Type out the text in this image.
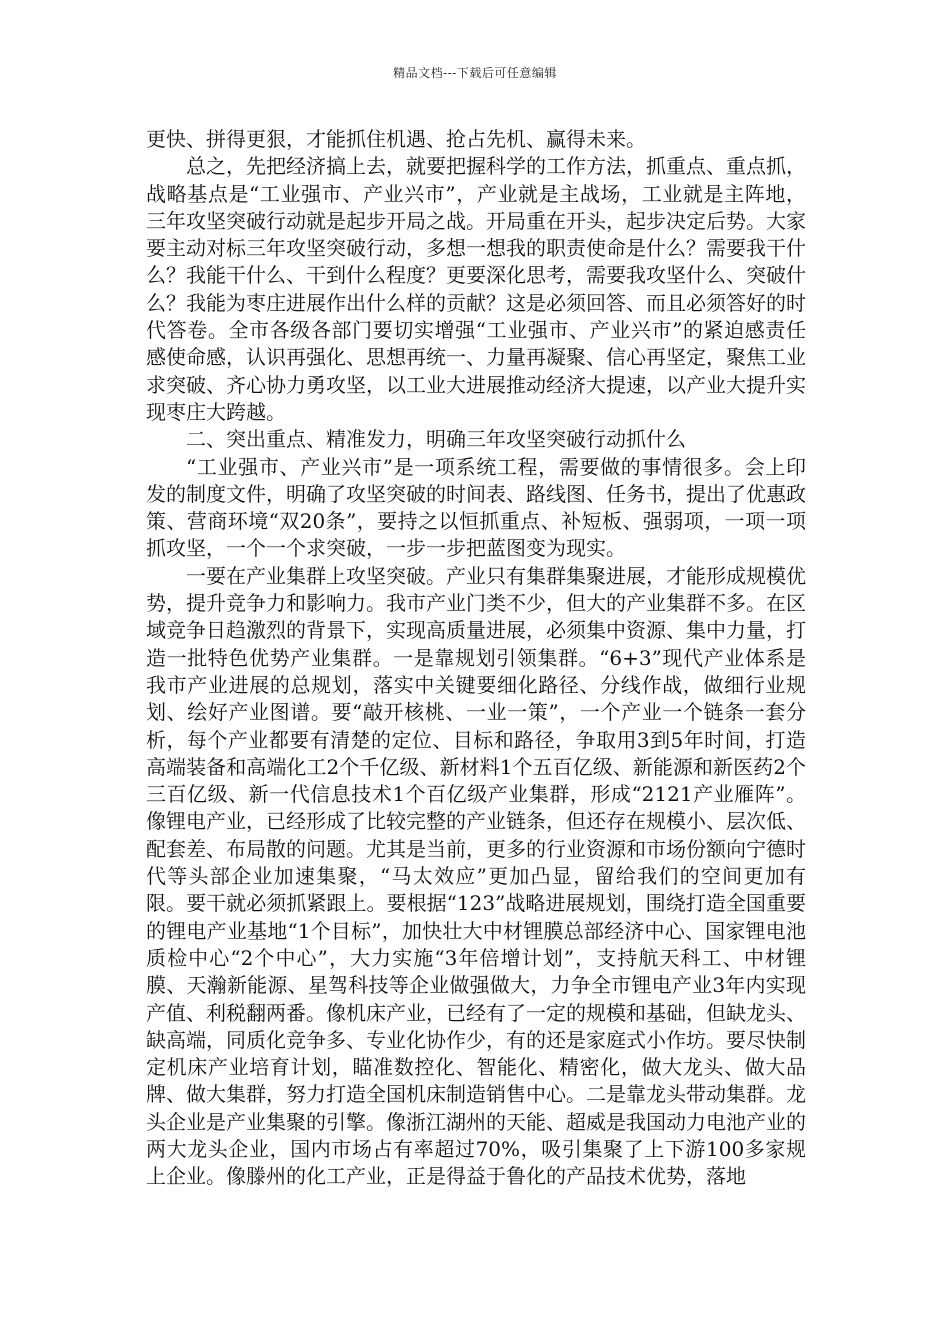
精品文档---下载后可任意编辑

更快、拼得更狠，才能抓住机遇、抢占先机、赢得未来。

总之，先把经济搞上去，就要把握科学的工作方法，抓重点、重点抓，战略基点是“工业强市、产业兴市”，产业就是主战场，工业就是主阵地，三年攻坚突破行动就是起步开局之战。开局重在开头，起步决定后势。大家要主动对标三年攻坚突破行动，多想一想我的职责使命是什么？需要我干什么？我能干什么、干到什么程度？更要深化思考，需要我攻坚什么、突破什么？我能为枣庄进展作出什么样的贡献？这是必须回答、而且必须答好的时代答卷。全市各级各部门要切实增强“工业强市、产业兴市”的紧迫感责任感使命感，认识再强化、思想再统一、力量再凝聚、信心再坚定，聚焦工业求突破、齐心协力勇攻坚，以工业大进展推动经济大提速，以产业大提升实现枣庄大跨越。

二、突出重点、精准发力，明确三年攻坚突破行动抓什么

“工业强市、产业兴市”是一项系统工程，需要做的事情很多。会上印发的制度文件，明确了攻坚突破的时间表、路线图、任务书，提出了优惠政策、营商环境“双20条”，要持之以恒抓重点、补短板、强弱项，一项一项抓攻坚，一个一个求突破，一步一步把蓝图变为现实。

一要在产业集群上攻坚突破。产业只有集群集聚进展，才能形成规模优势，提升竞争力和影响力。我市产业门类不少，但大的产业集群不多。在区域竞争日趋激烈的背景下，实现高质量进展，必须集中资源、集中力量，打造一批特色优势产业集群。一是靠规划引领集群。“6+3”现代产业体系是我市产业进展的总规划，落实中关键要细化路径、分线作战，做细行业规划、绘好产业图谱。要“敲开核桃、一业一策”，一个产业一个链条一套分析，每个产业都要有清楚的定位、目标和路径，争取用3到5年时间，打造高端装备和高端化工2个千亿级、新材料1个五百亿级、新能源和新医药2个三百亿级、新一代信息技术1个百亿级产业集群，形成“2121产业雁阵”。像锂电产业，已经形成了比较完整的产业链条，但还存在规模小、层次低、配套差、布局散的问题。尤其是当前，更多的行业资源和市场份额向宁德时代等头部企业加速集聚，“马太效应”更加凸显，留给我们的空间更加有限。要干就必须抓紧跟上。要根据“123”战略进展规划，围绕打造全国重要的锂电产业基地“1个目标”，加快壮大中材锂膜总部经济中心、国家锂电池质检中心“2个中心”，大力实施“3年倍增计划”，支持航天科工、中材锂膜、天瀚新能源、星驾科技等企业做强做大，力争全市锂电产业3年内实现产值、利税翻两番。像机床产业，已经有了一定的规模和基础，但缺龙头、缺高端，同质化竞争多、专业化协作少，有的还是家庭式小作坊。要尽快制定机床产业培育计划，瞄准数控化、智能化、精密化，做大龙头、做大品牌、做大集群，努力打造全国机床制造销售中心。二是靠龙头带动集群。龙头企业是产业集聚的引擎。像浙江湖州的天能、超威是我国动力电池产业的两大龙头企业，国内市场占有率超过70%，吸引集聚了上下游100多家规上企业。像滕州的化工产业，正是得益于鲁化的产品技术优势，落地
